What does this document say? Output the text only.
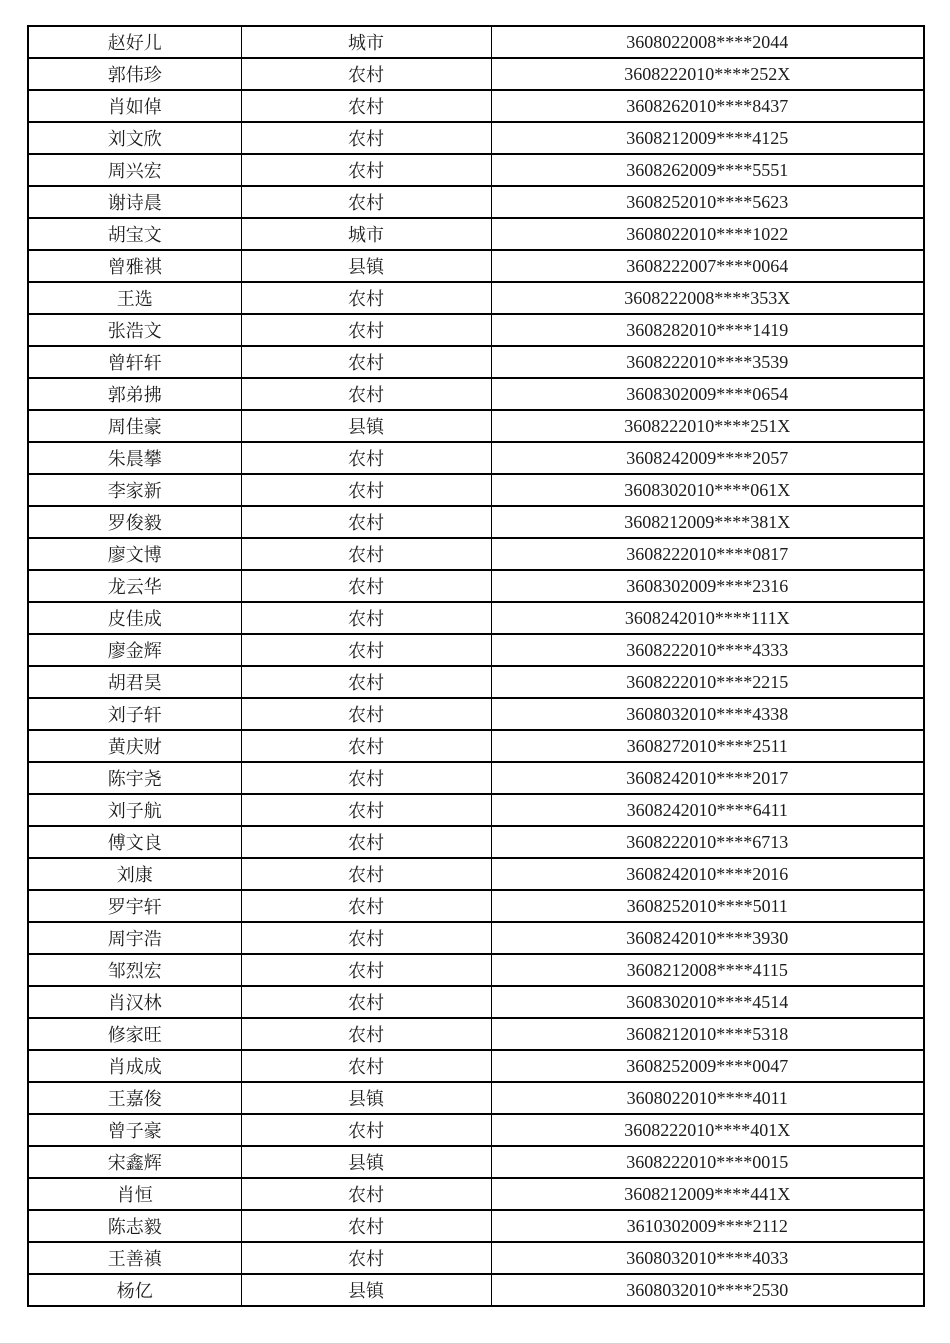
赵好儿	城市	3608022008****2044
郭伟珍	农村	3608222010****252X
肖如倬	农村	3608262010****8437
刘文欣	农村	3608212009****4125
周兴宏	农村	3608262009****5551
谢诗晨	农村	3608252010****5623
胡宝文	城市	3608022010****1022
曾雅祺	县镇	3608222007****0064
王选	农村	3608222008****353X
张浩文	农村	3608282010****1419
曾轩轩	农村	3608222010****3539
郭弟拂	农村	3608302009****0654
周佳豪	县镇	3608222010****251X
朱晨攀	农村	3608242009****2057
李家新	农村	3608302010****061X
罗俊毅	农村	3608212009****381X
廖文博	农村	3608222010****0817
龙云华	农村	3608302009****2316
皮佳成	农村	3608242010****111X
廖金辉	农村	3608222010****4333
胡君昊	农村	3608222010****2215
刘子轩	农村	3608032010****4338
黄庆财	农村	3608272010****2511
陈宇尧	农村	3608242010****2017
刘子航	农村	3608242010****6411
傅文良	农村	3608222010****6713
刘康	农村	3608242010****2016
罗宇轩	农村	3608252010****5011
周宇浩	农村	3608242010****3930
邹烈宏	农村	3608212008****4115
肖汉林	农村	3608302010****4514
修家旺	农村	3608212010****5318
肖成成	农村	3608252009****0047
王嘉俊	县镇	3608022010****4011
曾子豪	农村	3608222010****401X
宋鑫辉	县镇	3608222010****0015
肖恒	农村	3608212009****441X
陈志毅	农村	3610302009****2112
王善禛	农村	3608032010****4033
杨亿	县镇	3608032010****2530
